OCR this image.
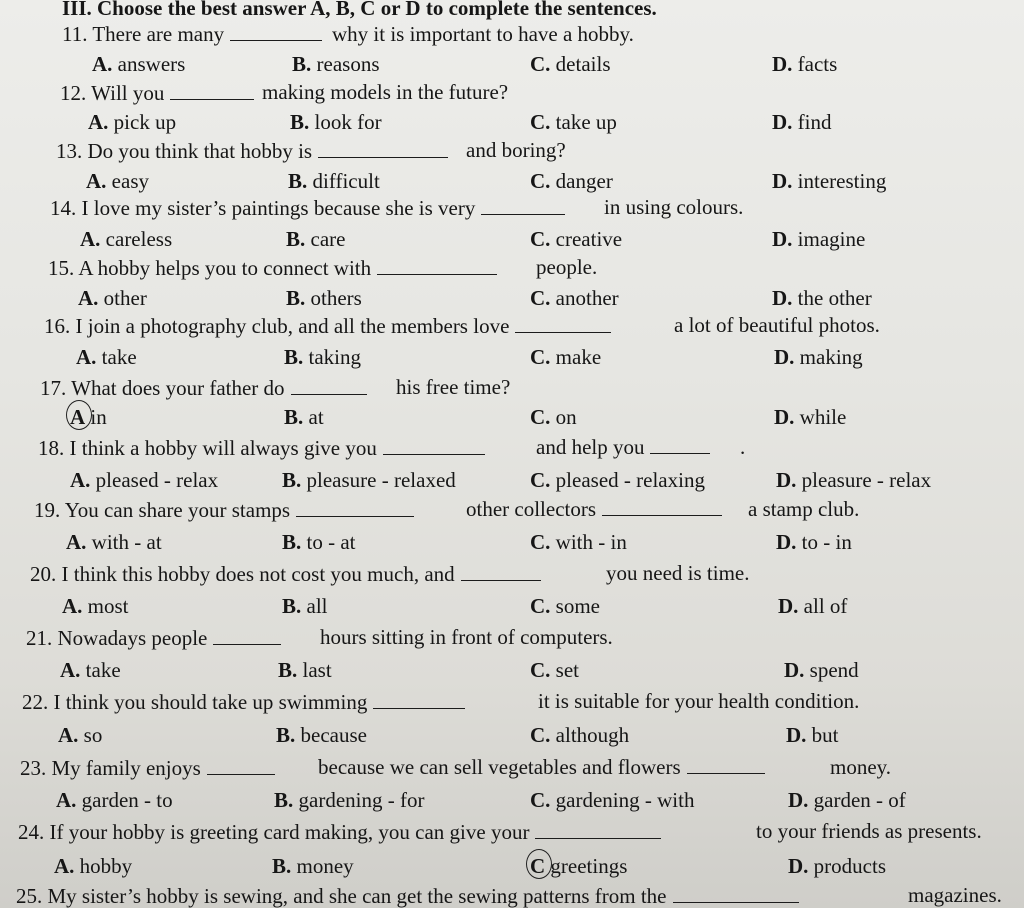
III. Choose the best answer A, B, C or D to complete the sentences.
11. There are many	why it is important to have a hobby.
A. answers	B. reasons	C. details	D. facts
12. Will you	making models in the future?
A. pick up	B. look for	C. take up	D. find
13. Do you think that hobby is	and boring?
A. easy	B. difficult	C. danger	D. interesting
14. I love my sister’s paintings because she is very	in using colours.
A. careless	B. care	C. creative	D. imagine
15. A hobby helps you to connect with	people.
A. other	B. others	C. another	D. the other
16. I join a photography club, and all the members love	a lot of beautiful photos.
A. take	B. taking	C. make	D. making
17. What does your father do	his free time?
A in	B. at	C. on	D. while
18. I think a hobby will always give you	and help you	.
A. pleased - relax	B. pleasure - relaxed	C. pleased - relaxing	D. pleasure - relax
19. You can share your stamps	other collectors	a stamp club.
A. with - at	B. to - at	C. with - in	D. to - in
20. I think this hobby does not cost you much, and	you need is time.
A. most	B. all	C. some	D. all of
21. Nowadays people	hours sitting in front of computers.
A. take	B. last	C. set	D. spend
22. I think you should take up swimming	it is suitable for your health condition.
A. so	B. because	C. although	D. but
23. My family enjoys	because we can sell vegetables and flowers	money.
A. garden - to	B. gardening - for	C. gardening - with	D. garden - of
24. If your hobby is greeting card making, you can give your	to your friends as presents.
A. hobby	B. money	C greetings	D. products
25. My sister’s hobby is sewing, and she can get the sewing patterns from the	magazines.
